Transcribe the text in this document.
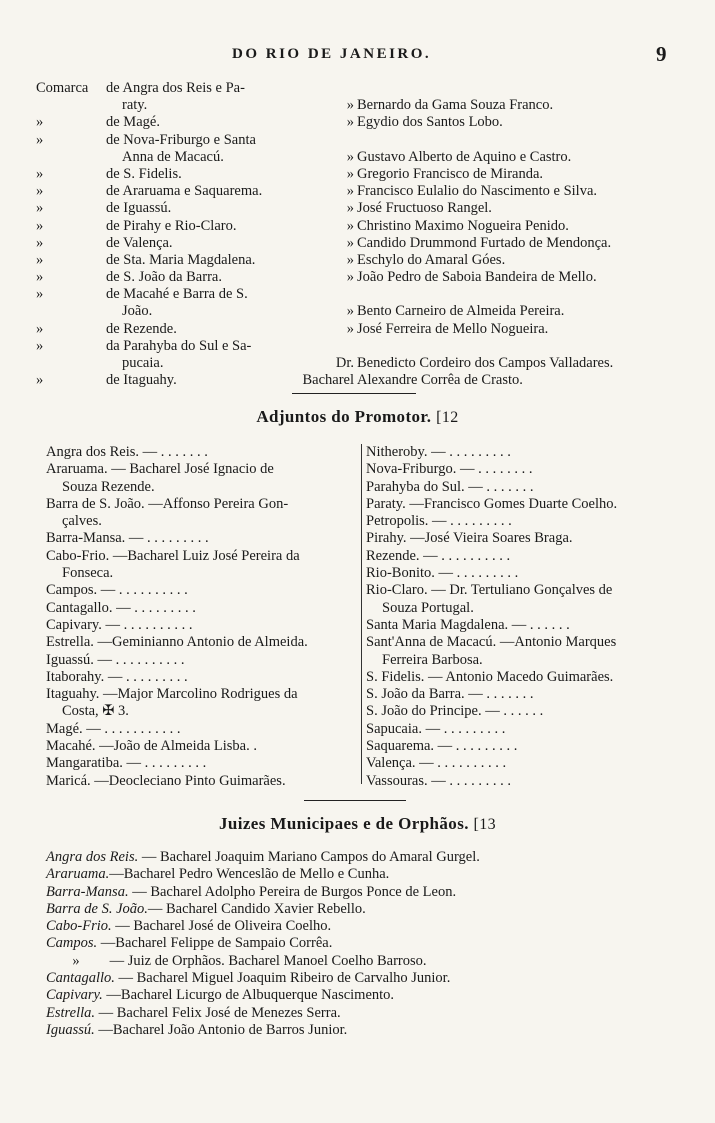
DO RIO DE JANEIRO.	9
Comarca	de Angra dos Reis e Pa-
raty.	» Bernardo da Gama Souza Franco.
»	de Magé.	» Egydio dos Santos Lobo.
»	de Nova-Friburgo e Santa
Anna de Macacú.	» Gustavo Alberto de Aquino e Castro.
»	de S. Fidelis.	» Gregorio Francisco de Miranda.
»	de Araruama e Saquarema.	» Francisco Eulalio do Nascimento e Silva.
»	de Iguassú.	» José Fructuoso Rangel.
»	de Pirahy e Rio-Claro.	» Christino Maximo Nogueira Penido.
»	de Valença.	» Candido Drummond Furtado de Mendonça.
»	de Sta. Maria Magdalena.	» Eschylo do Amaral Góes.
»	de S. João da Barra.	» João Pedro de Saboia Bandeira de Mello.
»	de Macahé e Barra de S.
João.	» Bento Carneiro de Almeida Pereira.
»	de Rezende.	» José Ferreira de Mello Nogueira.
»	da Parahyba do Sul e Sa-
pucaia.	Dr. Benedicto Cordeiro dos Campos Valladares.
»	de Itaguahy.	Bacharel Alexandre Corrêa de Crasto.
Adjuntos do Promotor. [12
Angra dos Reis. — . . . . . . .
Araruama. — Bacharel José Ignacio de
Souza Rezende.
Barra de S. João. —Affonso Pereira Gon-
çalves.
Barra-Mansa. — . . . . . . . . .
Cabo-Frio. —Bacharel Luiz José Pereira da
Fonseca.
Campos. — . . . . . . . . . .
Cantagallo. — . . . . . . . . .
Capivary. — . . . . . . . . . .
Estrella. —Geminianno Antonio de Almeida.
Iguassú. — . . . . . . . . . .
Itaborahy. — . . . . . . . . .
Itaguahy. —Major Marcolino Rodrigues da
Costa, ✠ 3.
Magé. — . . . . . . . . . . .
Macahé. —João de Almeida Lisba. .
Mangaratiba. — . . . . . . . . .
Maricá. —Deocleciano Pinto Guimarães.
Nitheroby. — . . . . . . . . .
Nova-Friburgo. — . . . . . . . .
Parahyba do Sul. — . . . . . . .
Paraty. —Francisco Gomes Duarte Coelho.
Petropolis. — . . . . . . . . .
Pirahy. —José Vieira Soares Braga.
Rezende. — . . . . . . . . . .
Rio-Bonito. — . . . . . . . . .
Rio-Claro. — Dr. Tertuliano Gonçalves de
Souza Portugal.
Santa Maria Magdalena. — . . . . . .
Sant'Anna de Macacú. —Antonio Marques
Ferreira Barbosa.
S. Fidelis. — Antonio Macedo Guimarães.
S. João da Barra. — . . . . . . .
S. João do Principe. — . . . . . .
Sapucaia. — . . . . . . . . .
Saquarema. — . . . . . . . . .
Valença. — . . . . . . . . . .
Vassouras. — . . . . . . . . .
Juizes Municipaes e de Orphãos. [13
Angra dos Reis. — Bacharel Joaquim Mariano Campos do Amaral Gurgel.
Araruama.—Bacharel Pedro Wenceslão de Mello e Cunha.
Barra-Mansa. — Bacharel Adolpho Pereira de Burgos Ponce de Leon.
Barra de S. João.— Bacharel Candido Xavier Rebello.
Cabo-Frio. — Bacharel José de Oliveira Coelho.
Campos. —Bacharel Felippe de Sampaio Corrêa.
» — Juiz de Orphãos. Bacharel Manoel Coelho Barroso.
Cantagallo. — Bacharel Miguel Joaquim Ribeiro de Carvalho Junior.
Capivary. —Bacharel Licurgo de Albuquerque Nascimento.
Estrella. — Bacharel Felix José de Menezes Serra.
Iguassú. —Bacharel João Antonio de Barros Junior.
